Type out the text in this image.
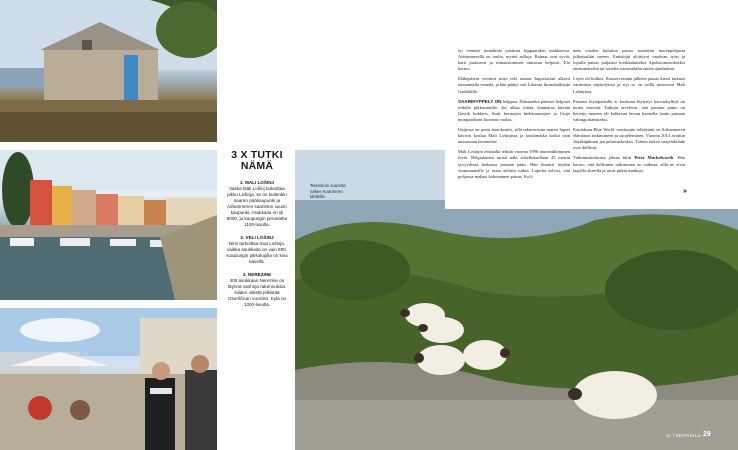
3 X TUTKI NÄMÄ
1. MALI LOŠINJ
Vakka Mali Lošinj tarkoittaa pikku Lošinja, se on kuitenkin saaren pääkaupunki ja Adrianmeren saariston suurin kaupunki. Asukkaita on yli 6000, ja kaupungin perustettu 1100-luvulla.
2. VELI LOŠINJ
Nimi tarkoittaa isoa Lošinja, vaikka asukkaita on vain 900. Kaupungin pikkukujilla on kiva kävellä.
3. NEREZINE
400 asukkaan Nerezine on täynnä vanhoja rakennuksia. Niiden välistä pilkistää Osorščican vuoristo. Kylä on 1300-luvulta.
Televinnin suurelta näkee Kvarneren lahdelle.

tyt venneet tiemäkvät toisiinsa kippanriden mahkuessa. Adrianmerellä on tuulta, myrtet aalloja. Raimat ovat syviä, karit puuttuvat ja ruinaustumisen onnistuu helposti, Elo kertoo.

Eläkepäiviä viettävä mies teki uransa Jugoslavian alkava tentaumalla venettä, ja hän päätyi vait Lihavan hirmuhallitsija Gaddafille.

SAARIHYPPELY ON helppoa. Pääsaarelta päässee helposti retkille pikkusaarille. Jos alkaa riittää, kannattaa kiertää Iloviik kukkien, Susk herinojen hiekkarantojen ja Unije monipuolisen luonnon vuoksi.

Unijessa on pieni lentokenttä, sillä takavuosina saaren lapset kävivät koulua Mali Lošinjissa ja koulumatka hoitui vain ainoastaan lentoteitse.

Mali Lošinjin edustalla tehtiin vuonna 1996 muoteukkiminen löytö. Belgialainen turisti näki sukelluksellaan 45 metrin syvyydessä hiekassa patsaan pään. Hän ilmoitti löydön viranomaisille ja asiaa alettiin tutkia. Lopulta selvisi, että pohjassa makasi kokonainen patsas. Koli-

men vuoden kuluttua patsas nostettiin merenpohjasta julkaisuihin meren. Entisöijät aloittivat vaativan työn ja lopulla patsas paljastui kreikkalaiseksi Apoksiomenokseksi ensimmäiseltä tai toiselta vuosisadalta ennen ajanlaskua.

Löytö oli hulkea. Konservoinnin jälkeen patsas kiersi tarkasti varttuinaa näyttelyissä ja nyt se on esillä museossa Mali Lošinjissa.

Patsaan löytöpaikalla ei kookaan löytynyt karvanhylkyä tai muita esineitä. Tutkijat arvelevat, että patsaan paino on heitetty mereen oli kulkevan laivan kannella laatin patsaan vahingoittamiseksi.

Kaulaksan Blue World -instituutin tehtävänä on Adrianmeren elämänon tutkimineen ja suojeleminen. Vuonna 2013 avattiin Järjäkäpikuon jen pelastuskeskus. Toinen tärkeä suojelukohde ovat delfiinit.

Tutkimuskeskusta johtaa biltti Peter Mackelworth. Hän kertoo, että delfiinien tutkiminen on vaikeaa, sillä ne eivät laajalla alueella ja uivat pitkiä matkoja.

»
11 / MATKAILU 29
